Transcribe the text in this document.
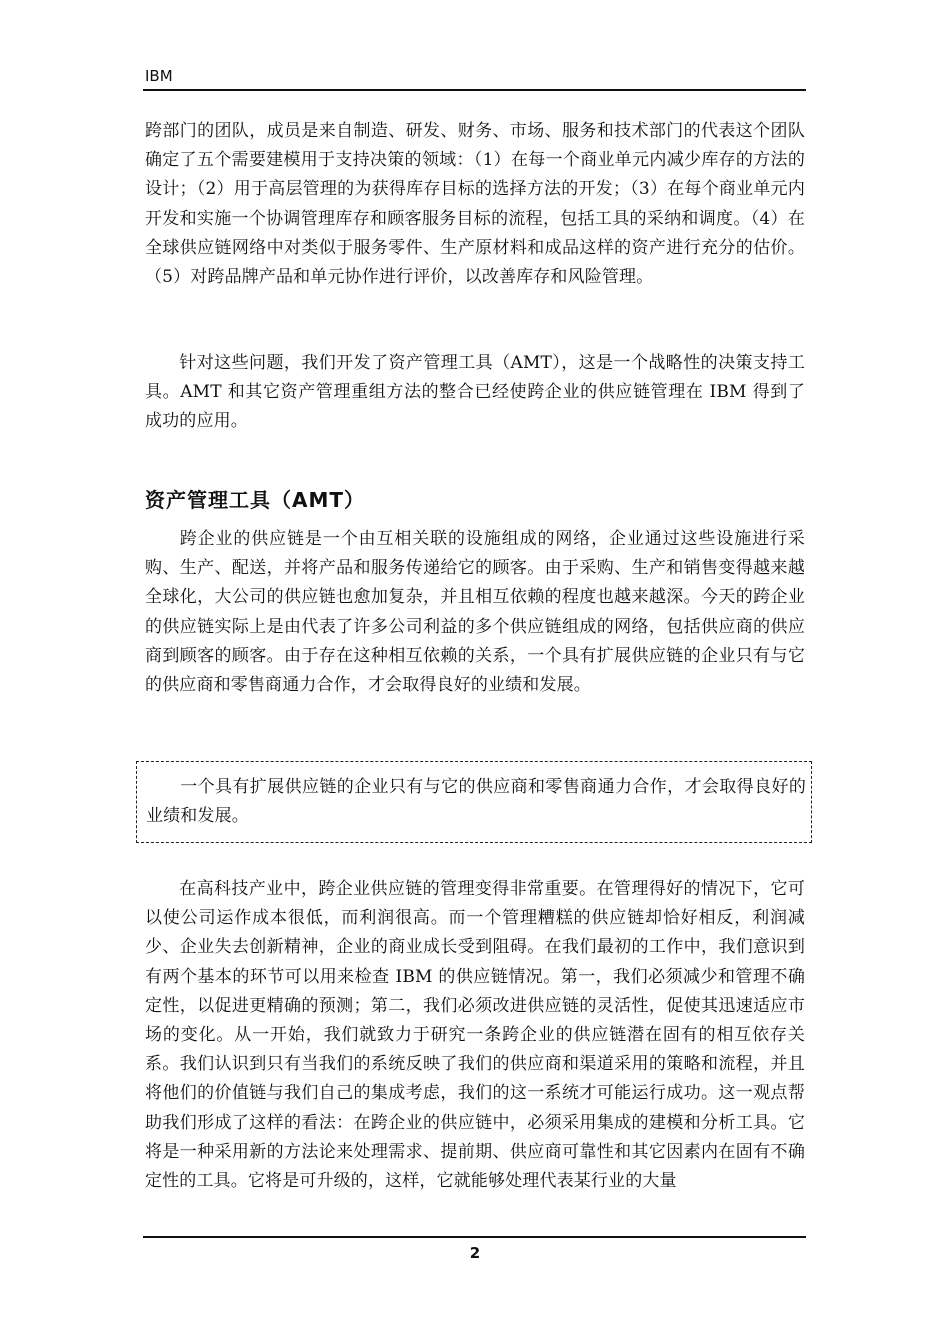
IBM
跨部门的团队，成员是来自制造、研发、财务、市场、服务和技术部门的代表这个团队确定了五个需要建模用于支持决策的领域：（1）在每一个商业单元内减少库存的方法的设计；（2）用于高层管理的为获得库存目标的选择方法的开发；（3）在每个商业单元内开发和实施一个协调管理库存和顾客服务目标的流程，包括工具的采纳和调度。（4）在全球供应链网络中对类似于服务零件、生产原材料和成品这样的资产进行充分的估价。（5）对跨品牌产品和单元协作进行评价，以改善库存和风险管理。
针对这些问题，我们开发了资产管理工具（AMT），这是一个战略性的决策支持工具。AMT 和其它资产管理重组方法的整合已经使跨企业的供应链管理在 IBM 得到了成功的应用。
资产管理工具（AMT）
跨企业的供应链是一个由互相关联的设施组成的网络，企业通过这些设施进行采购、生产、配送，并将产品和服务传递给它的顾客。由于采购、生产和销售变得越来越全球化，大公司的供应链也愈加复杂，并且相互依赖的程度也越来越深。今天的跨企业的供应链实际上是由代表了许多公司利益的多个供应链组成的网络，包括供应商的供应商到顾客的顾客。由于存在这种相互依赖的关系，一个具有扩展供应链的企业只有与它的供应商和零售商通力合作，才会取得良好的业绩和发展。
一个具有扩展供应链的企业只有与它的供应商和零售商通力合作，才会取得良好的业绩和发展。
在高科技产业中，跨企业供应链的管理变得非常重要。在管理得好的情况下，它可以使公司运作成本很低，而利润很高。而一个管理糟糕的供应链却恰好相反，利润减少、企业失去创新精神，企业的商业成长受到阻碍。在我们最初的工作中，我们意识到有两个基本的环节可以用来检查 IBM 的供应链情况。第一，我们必须减少和管理不确定性，以促进更精确的预测；第二，我们必须改进供应链的灵活性，促使其迅速适应市场的变化。从一开始，我们就致力于研究一条跨企业的供应链潜在固有的相互依存关系。我们认识到只有当我们的系统反映了我们的供应商和渠道采用的策略和流程，并且将他们的价值链与我们自己的集成考虑，我们的这一系统才可能运行成功。这一观点帮助我们形成了这样的看法：在跨企业的供应链中，必须采用集成的建模和分析工具。它将是一种采用新的方法论来处理需求、提前期、供应商可靠性和其它因素内在固有不确定性的工具。它将是可升级的，这样，它就能够处理代表某行业的大量
2
